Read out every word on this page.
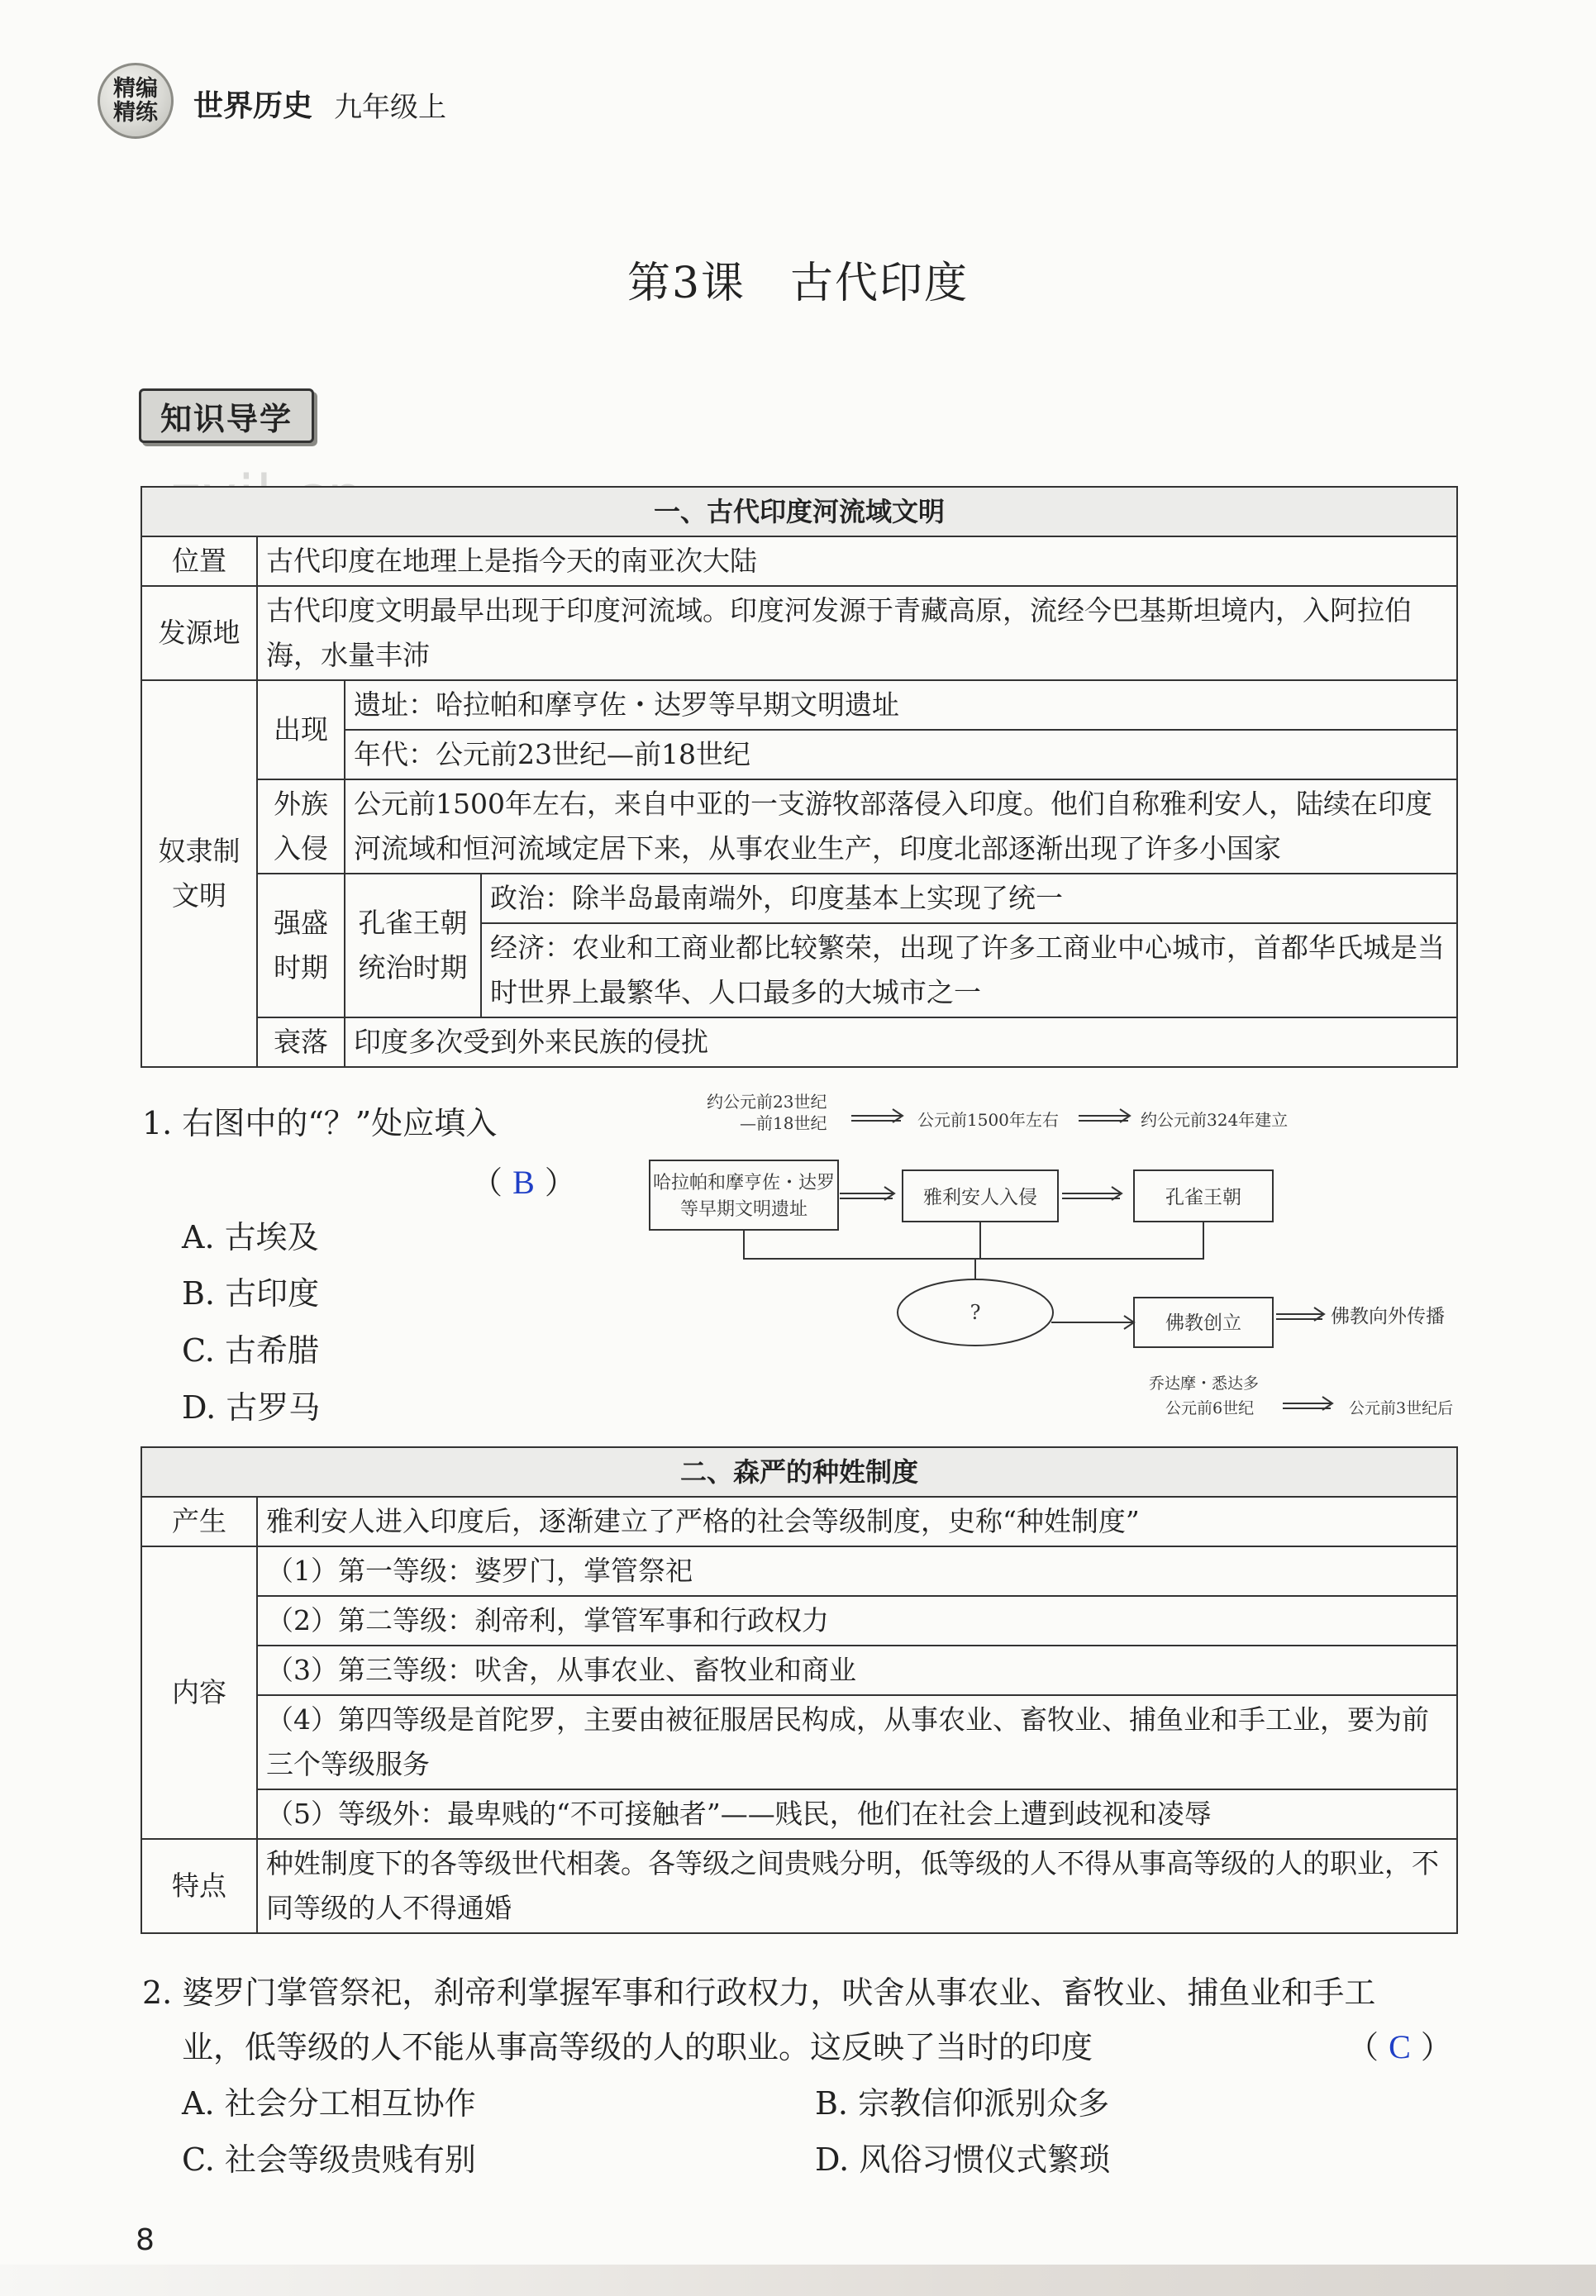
精编
精练 世界历史 九年级上
第3课　古代印度
知识导学
一、古代印度河流域文明			
位置	古代印度在地理上是指今天的南亚次大陆		
发源地	古代印度文明最早出现于印度河流域。印度河发源于青藏高原，流经今巴基斯坦境内，入阿拉伯海，水量丰沛		
奴隶制文明	出现	遗址：哈拉帕和摩亨佐・达罗等早期文明遗址	
		年代：公元前23世纪—前18世纪	
	外族入侵	公元前1500年左右，来自中亚的一支游牧部落侵入印度。他们自称雅利安人，陆续在印度河流域和恒河流域定居下来，从事农业生产，印度北部逐渐出现了许多小国家	
	强盛时期	孔雀王朝统治时期	政治：除半岛最南端外，印度基本上实现了统一
			经济：农业和工商业都比较繁荣，出现了许多工商业中心城市，首都华氏城是当时世界上最繁华、人口最多的大城市之一
	衰落	印度多次受到外来民族的侵扰	
1. 右图中的“？”处应填入
（ B ）
A. 古埃及
B. 古印度
C. 古希腊
D. 古罗马
约公元前23世纪
—前18世纪	公元前1500年左右	约公元前324年建立
哈拉帕和摩亨佐・达罗
等早期文明遗址
雅利安人入侵	孔雀王朝
?	佛教创立	佛教向外传播
乔达摩・悉达多
公元前6世纪	公元前3世纪后
二、森严的种姓制度	
产生	雅利安人进入印度后，逐渐建立了严格的社会等级制度，史称“种姓制度”
内容	（1）第一等级：婆罗门，掌管祭祀
	（2）第二等级：刹帝利，掌管军事和行政权力
	（3）第三等级：吠舍，从事农业、畜牧业和商业
	（4）第四等级是首陀罗，主要由被征服居民构成，从事农业、畜牧业、捕鱼业和手工业，要为前三个等级服务
	（5）等级外：最卑贱的“不可接触者”——贱民，他们在社会上遭到歧视和凌辱
特点	种姓制度下的各等级世代相袭。各等级之间贵贱分明，低等级的人不得从事高等级的人的职业，不同等级的人不得通婚
2. 婆罗门掌管祭祀，刹帝利掌握军事和行政权力，吠舍从事农业、畜牧业、捕鱼业和手工
业，低等级的人不能从事高等级的人的职业。这反映了当时的印度	（ C ）
A. 社会分工相互协作	B. 宗教信仰派别众多
C. 社会等级贵贱有别	D. 风俗习惯仪式繁琐
8
